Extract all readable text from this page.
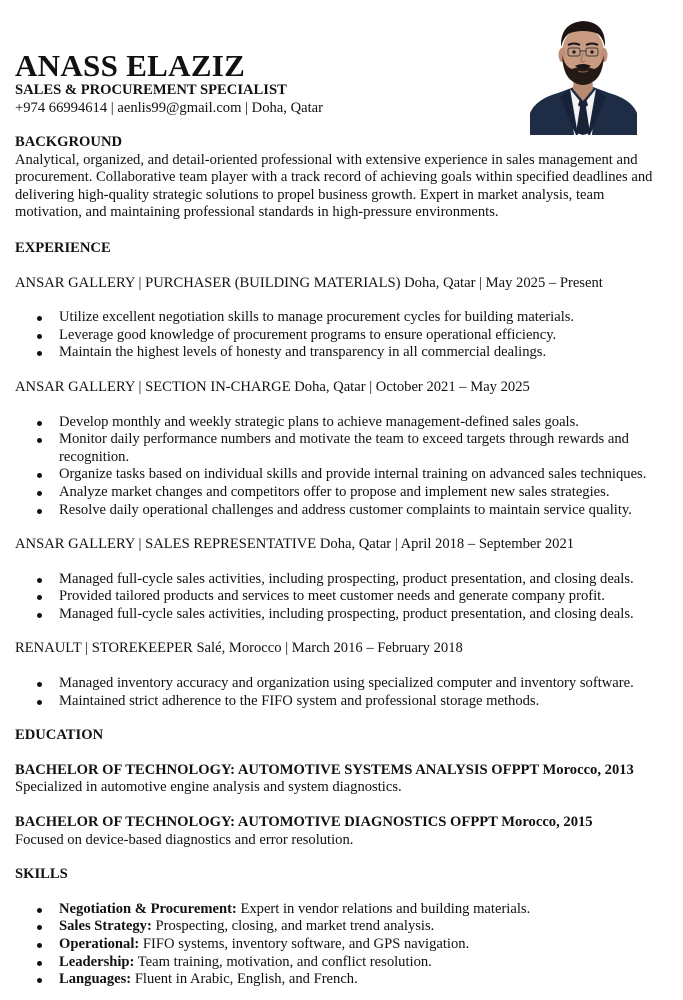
ANASS ELAZIZ
SALES & PROCUREMENT SPECIALIST
+974 66994614 | aenlis99@gmail.com | Doha, Qatar
BACKGROUND

Analytical, organized, and detail-oriented professional with extensive experience in sales management and procurement. Collaborative team player with a track record of achieving goals within specified deadlines and delivering high-quality strategic solutions to propel business growth. Expert in market analysis, team motivation, and maintaining professional standards in high-pressure environments.

EXPERIENCE

ANSAR GALLERY | PURCHASER (BUILDING MATERIALS) Doha, Qatar | May 2025 – Present

Utilize excellent negotiation skills to manage procurement cycles for building materials.
Leverage good knowledge of procurement programs to ensure operational efficiency.
Maintain the highest levels of honesty and transparency in all commercial dealings.

ANSAR GALLERY | SECTION IN-CHARGE Doha, Qatar | October 2021 – May 2025

Develop monthly and weekly strategic plans to achieve management-defined sales goals.
Monitor daily performance numbers and motivate the team to exceed targets through rewards and recognition.
Organize tasks based on individual skills and provide internal training on advanced sales techniques.
Analyze market changes and competitors offer to propose and implement new sales strategies.
Resolve daily operational challenges and address customer complaints to maintain service quality.

ANSAR GALLERY | SALES REPRESENTATIVE Doha, Qatar | April 2018 – September 2021

Managed full-cycle sales activities, including prospecting, product presentation, and closing deals.
Provided tailored products and services to meet customer needs and generate company profit.
Managed full-cycle sales activities, including prospecting, product presentation, and closing deals.

RENAULT | STOREKEEPER Salé, Morocco | March 2016 – February 2018

Managed inventory accuracy and organization using specialized computer and inventory software.
Maintained strict adherence to the FIFO system and professional storage methods.
EDUCATION
BACHELOR OF TECHNOLOGY: AUTOMOTIVE SYSTEMS ANALYSIS OFPPT Morocco, 2013

Specialized in automotive engine analysis and system diagnostics.

BACHELOR OF TECHNOLOGY: AUTOMOTIVE DIAGNOSTICS OFPPT Morocco, 2015

Focused on device-based diagnostics and error resolution.

SKILLS
Negotiation & Procurement: Expert in vendor relations and building materials.
Sales Strategy: Prospecting, closing, and market trend analysis.
Operational: FIFO systems, inventory software, and GPS navigation.
Leadership: Team training, motivation, and conflict resolution.
Languages: Fluent in Arabic, English, and French.
